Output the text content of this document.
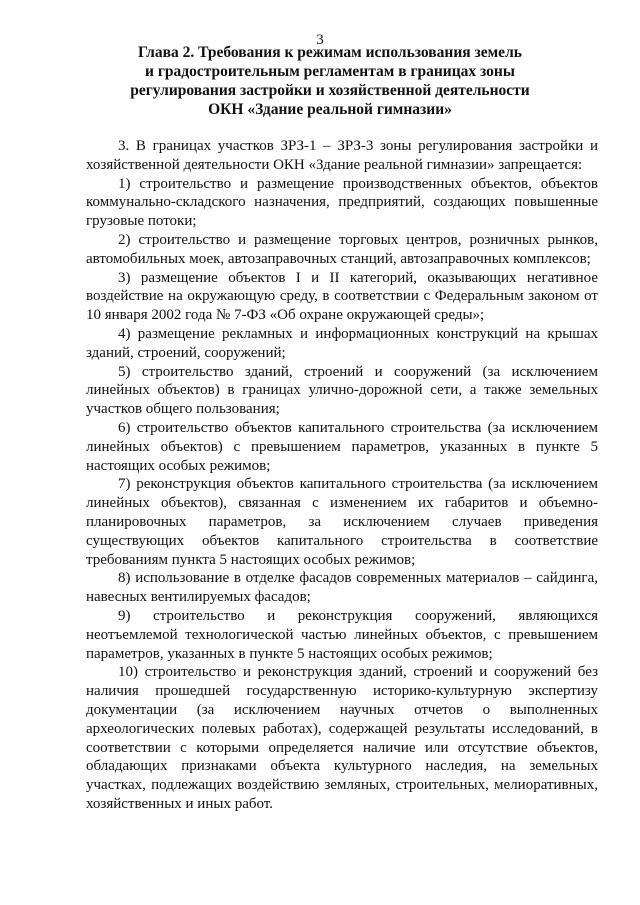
3
Глава 2. Требования к режимам использования земель
и градостроительным регламентам в границах зоны
регулирования застройки и хозяйственной деятельности
ОКН «Здание реальной гимназии»

3. В границах участков ЗРЗ-1 – ЗРЗ-3 зоны регулирования застройки и хозяйственной деятельности ОКН «Здание реальной гимназии» запрещается:

1) строительство и размещение производственных объектов, объектов коммунально-складского назначения, предприятий, создающих повышенные грузовые потоки;

2) строительство и размещение торговых центров, розничных рынков, автомобильных моек, автозаправочных станций, автозаправочных комплексов;

3) размещение объектов I и II категорий, оказывающих негативное воздействие на окружающую среду, в соответствии с Федеральным законом от 10 января 2002 года № 7-ФЗ «Об охране окружающей среды»;

4) размещение рекламных и информационных конструкций на крышах зданий, строений, сооружений;

5) строительство зданий, строений и сооружений (за исключением линейных объектов) в границах улично-дорожной сети, а также земельных участков общего пользования;

6) строительство объектов капитального строительства (за исключением линейных объектов) с превышением параметров, указанных в пункте 5 настоящих особых режимов;

7) реконструкция объектов капитального строительства (за исключением линейных объектов), связанная с изменением их габаритов и объемно-планировочных параметров, за исключением случаев приведения существующих объектов капитального строительства в соответствие требованиям пункта 5 настоящих особых режимов;

8) использование в отделке фасадов современных материалов – сайдинга, навесных вентилируемых фасадов;

9) строительство и реконструкция сооружений, являющихся неотъемлемой технологической частью линейных объектов, с превышением параметров, указанных в пункте 5 настоящих особых режимов;

10) строительство и реконструкция зданий, строений и сооружений без наличия прошедшей государственную историко-культурную экспертизу документации (за исключением научных отчетов о выполненных археологических полевых работах), содержащей результаты исследований, в соответствии с которыми определяется наличие или отсутствие объектов, обладающих признаками объекта культурного наследия, на земельных участках, подлежащих воздействию земляных, строительных, мелиоративных, хозяйственных и иных работ.
